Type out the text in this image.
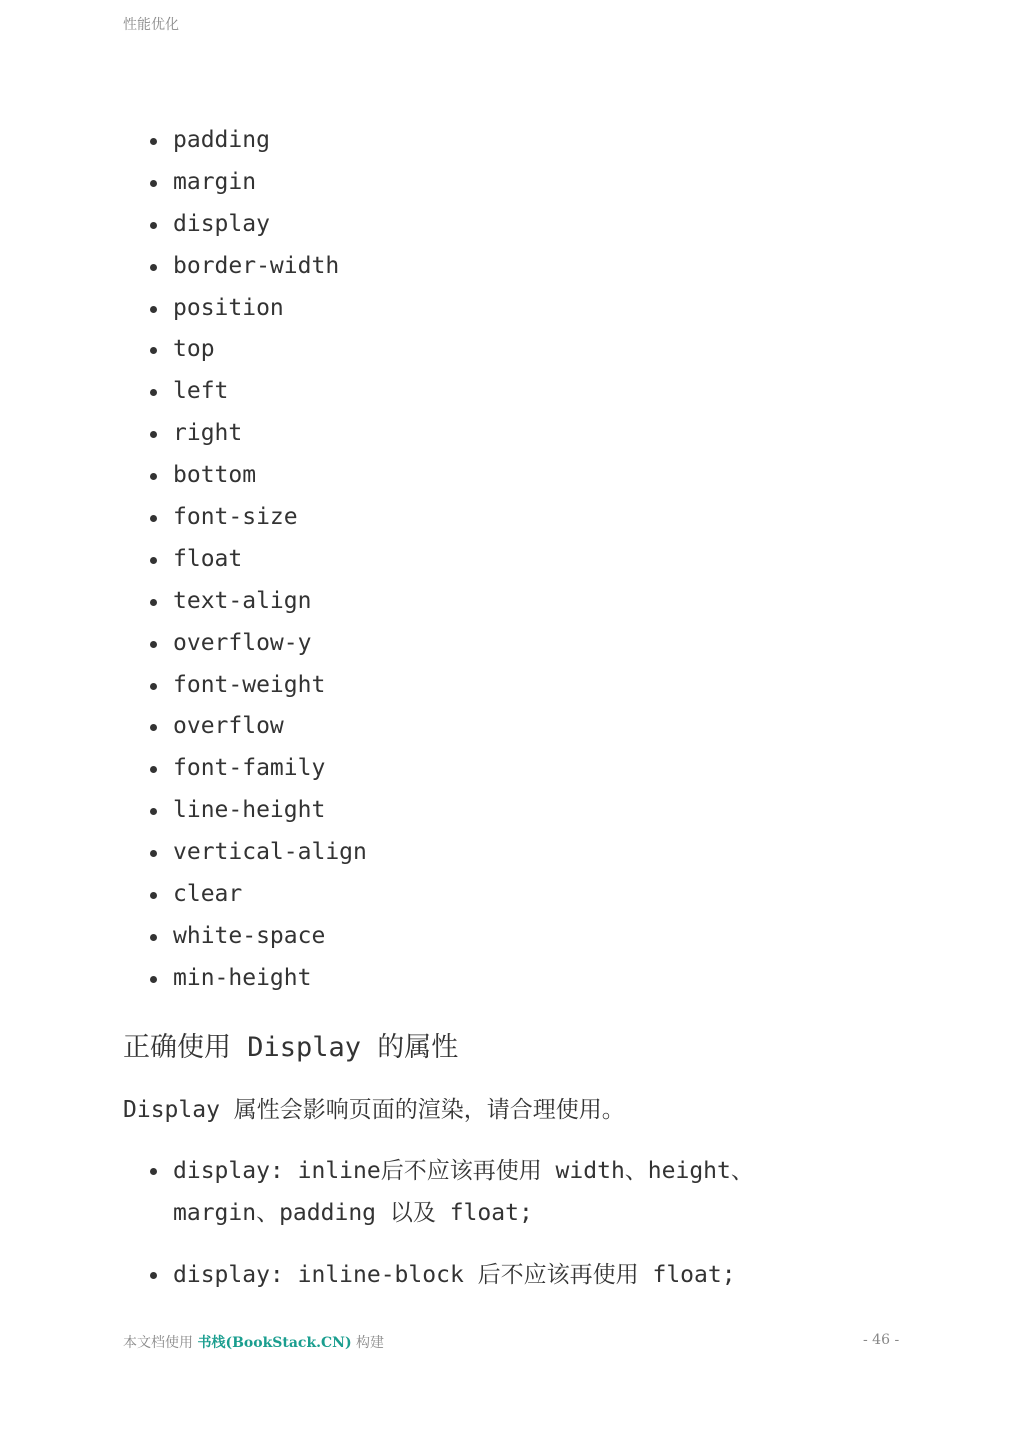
性能优化
padding
margin
display
border-width
position
top
left
right
bottom
font-size
float
text-align
overflow-y
font-weight
overflow
font-family
line-height
vertical-align
clear
white-space
min-height
正确使用 Display 的属性

Display 属性会影响页面的渲染，请合理使用。

display: inline后不应该再使用 width、height、margin、padding 以及 float;
display: inline-block 后不应该再使用 float;
本文档使用 书栈(BookStack.CN) 构建	- 46 -
